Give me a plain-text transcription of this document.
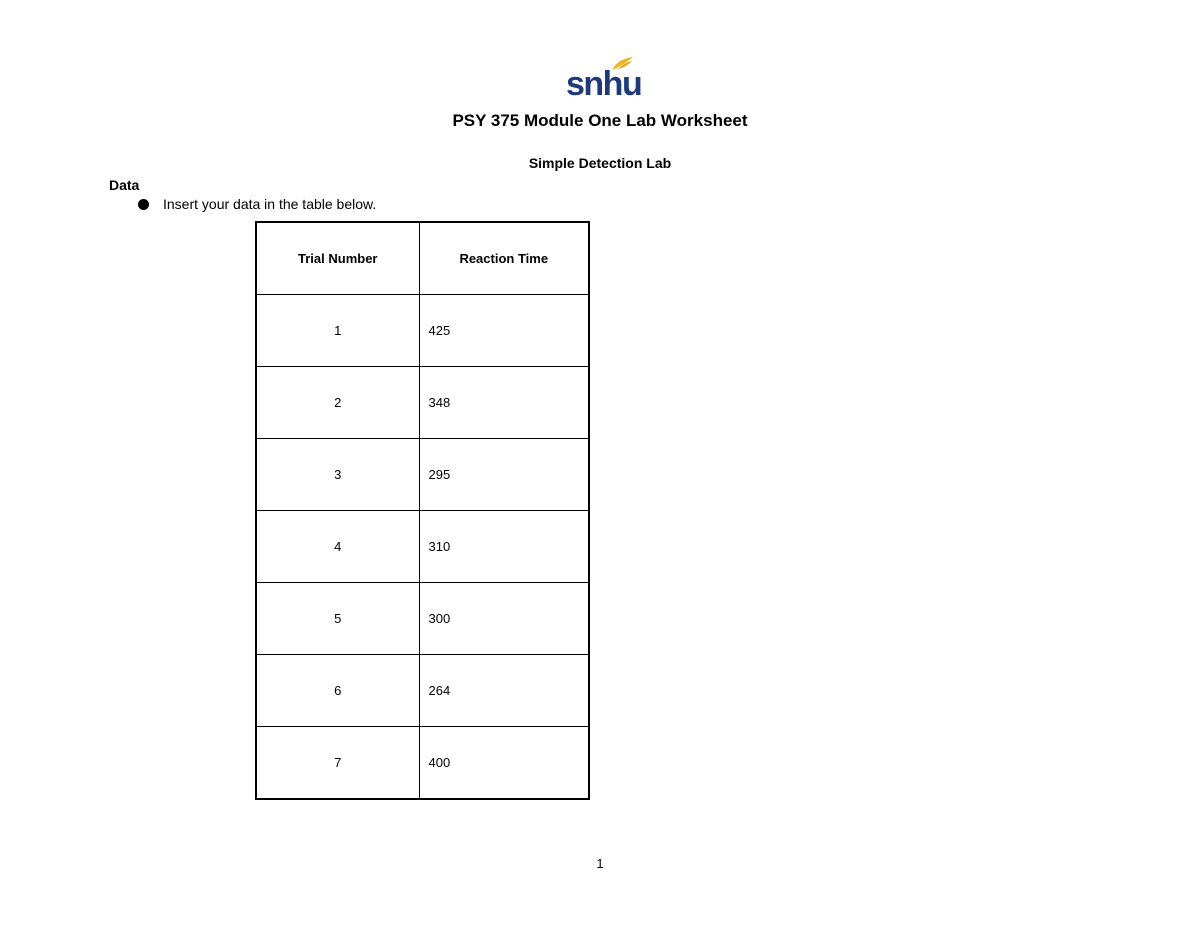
snhu
PSY 375 Module One Lab Worksheet
Simple Detection Lab
Data
Insert your data in the table below.
Trial Number	Reaction Time
1	425
2	348
3	295
4	310
5	300
6	264
7	400
1
